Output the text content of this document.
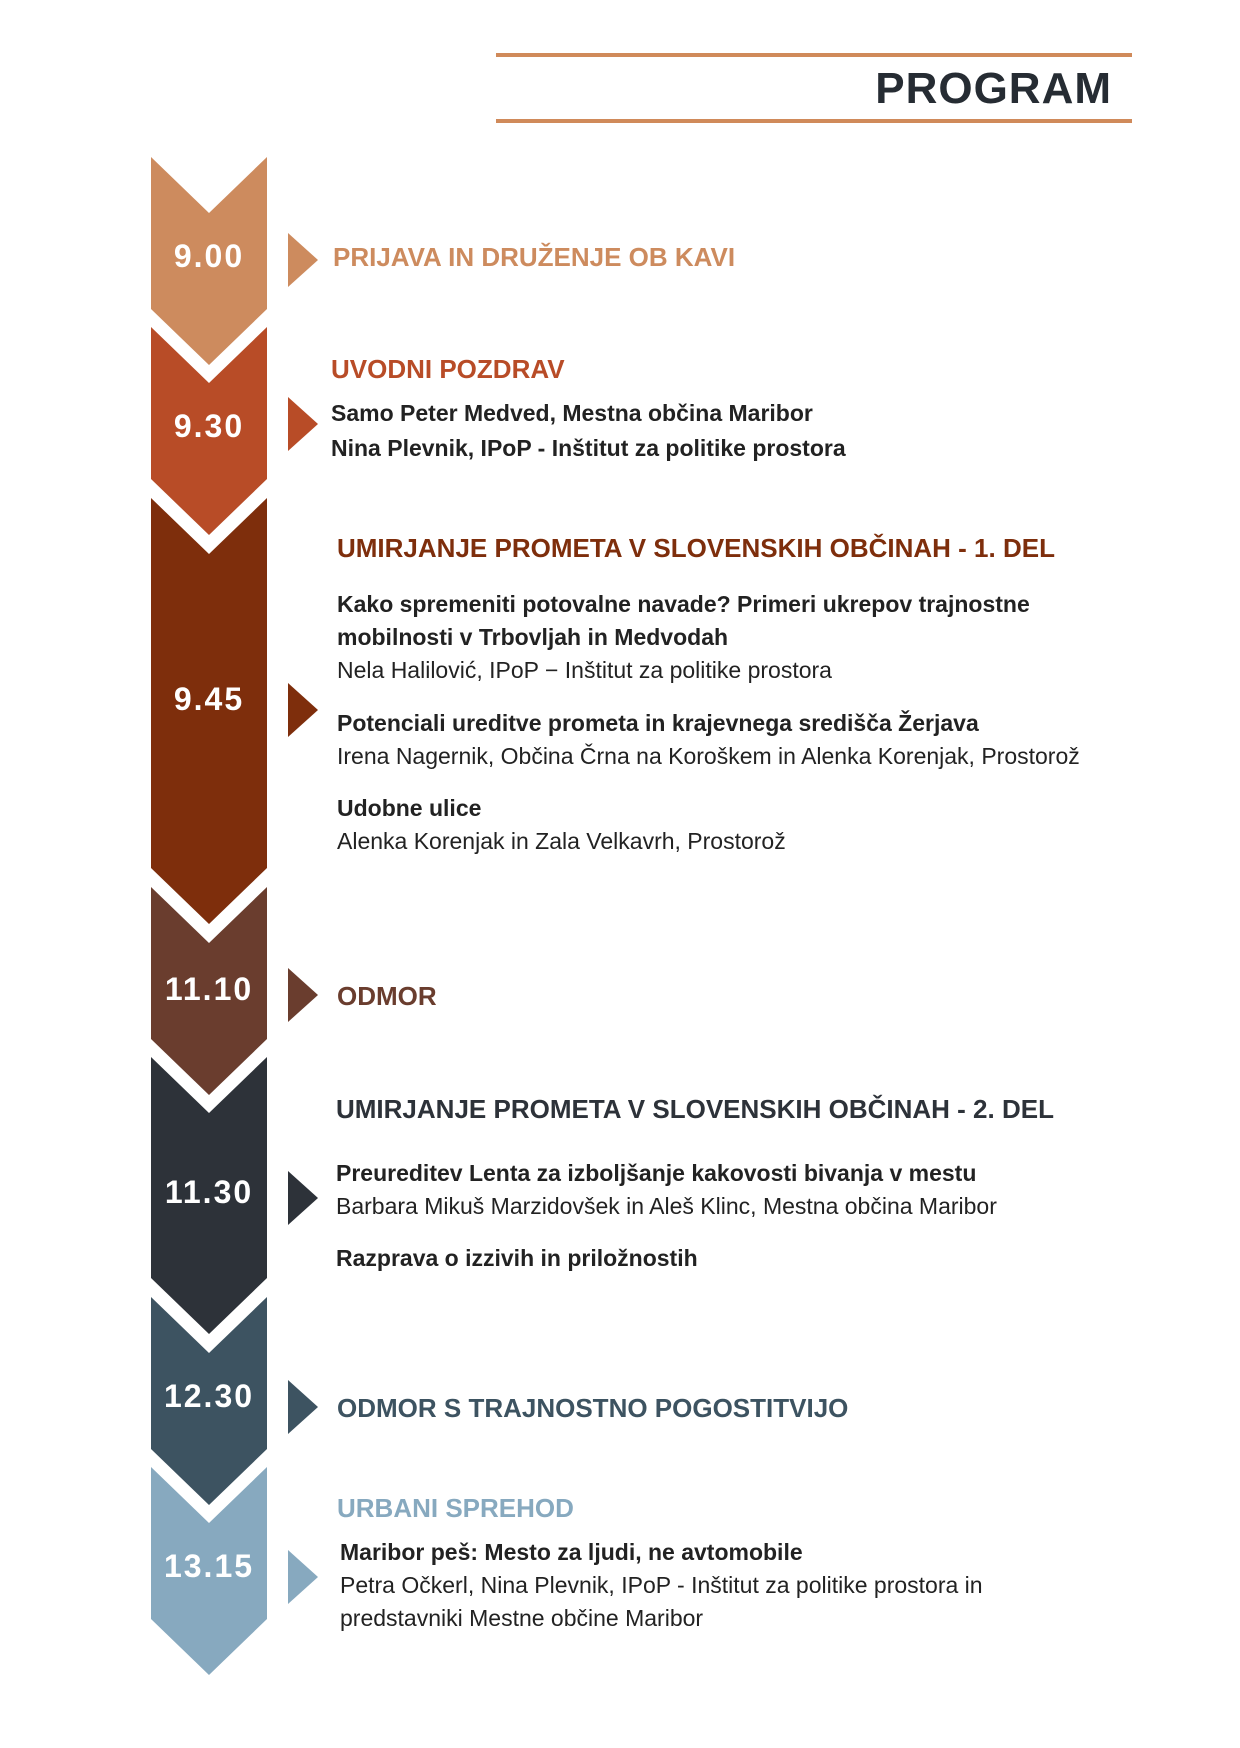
PROGRAM
9.00
9.30
9.45
11.10
11.30
12.30
13.15
PRIJAVA IN DRUŽENJE OB KAVI
UVODNI POZDRAV
Samo Peter Medved, Mestna občina Maribor
Nina Plevnik, IPoP - Inštitut za politike prostora
UMIRJANJE PROMETA V SLOVENSKIH OBČINAH - 1. DEL
Kako spremeniti potovalne navade? Primeri ukrepov trajnostne
mobilnosti v Trbovljah in Medvodah
Nela Halilović, IPoP − Inštitut za politike prostora
Potenciali ureditve prometa in krajevnega središča Žerjava
Irena Nagernik, Občina Črna na Koroškem in Alenka Korenjak, Prostorož
Udobne ulice
Alenka Korenjak in Zala Velkavrh, Prostorož
ODMOR
UMIRJANJE PROMETA V SLOVENSKIH OBČINAH - 2. DEL
Preureditev Lenta za izboljšanje kakovosti bivanja v mestu
Barbara Mikuš Marzidovšek in Aleš Klinc, Mestna občina Maribor
Razprava o izzivih in priložnostih
ODMOR S TRAJNOSTNO POGOSTITVIJO
URBANI SPREHOD
Maribor peš: Mesto za ljudi, ne avtomobile
Petra Očkerl, Nina Plevnik, IPoP - Inštitut za politike prostora in
predstavniki Mestne občine Maribor
